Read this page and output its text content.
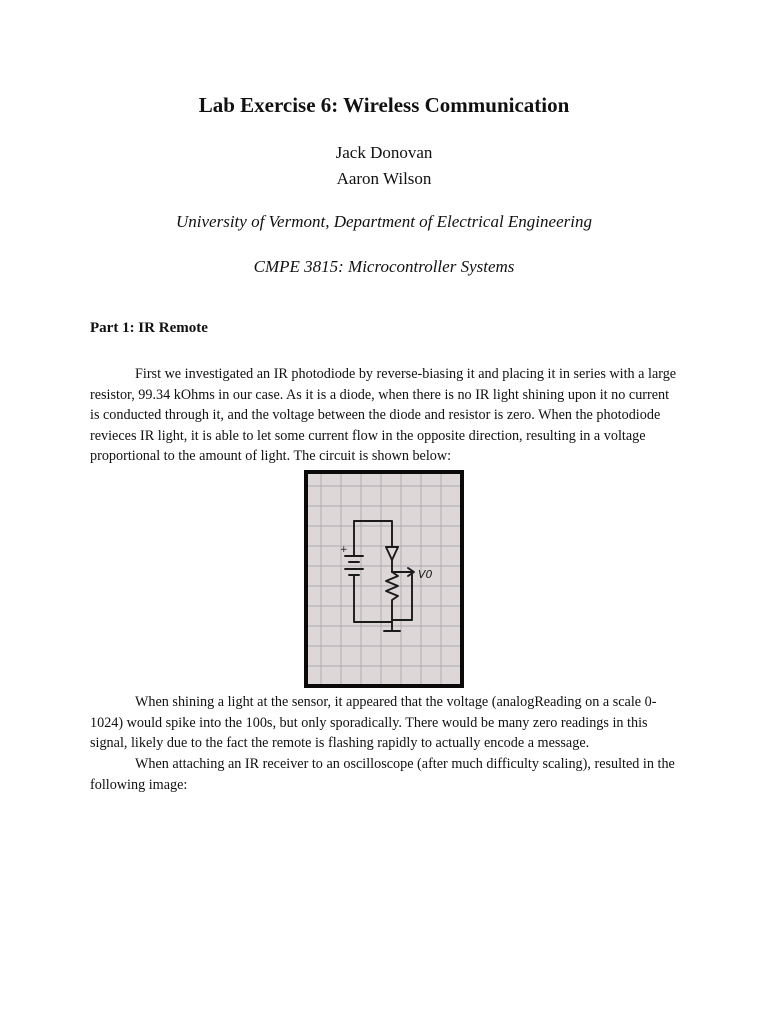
Lab Exercise 6: Wireless Communication
Jack Donovan
Aaron Wilson
University of Vermont, Department of Electrical Engineering
CMPE 3815: Microcontroller Systems
Part 1: IR Remote

First we investigated an IR photodiode by reverse-biasing it and placing it in series with a large resistor, 99.34 kOhms in our case. As it is a diode, when there is no IR light shining upon it no current is conducted through it, and the voltage between the diode and resistor is zero. When the photodiode revieces IR light, it is able to let some current flow in the opposite direction, resulting in a voltage proportional to the amount of light. The circuit is shown below:

+
V0

When shining a light at the sensor, it appeared that the voltage (analogReading on a scale 0-1024) would spike into the 100s, but only sporadically. There would be many zero readings in this signal, likely due to the fact the remote is flashing rapidly to actually encode a message.

When attaching an IR receiver to an oscilloscope (after much difficulty scaling), resulted in the following image:
